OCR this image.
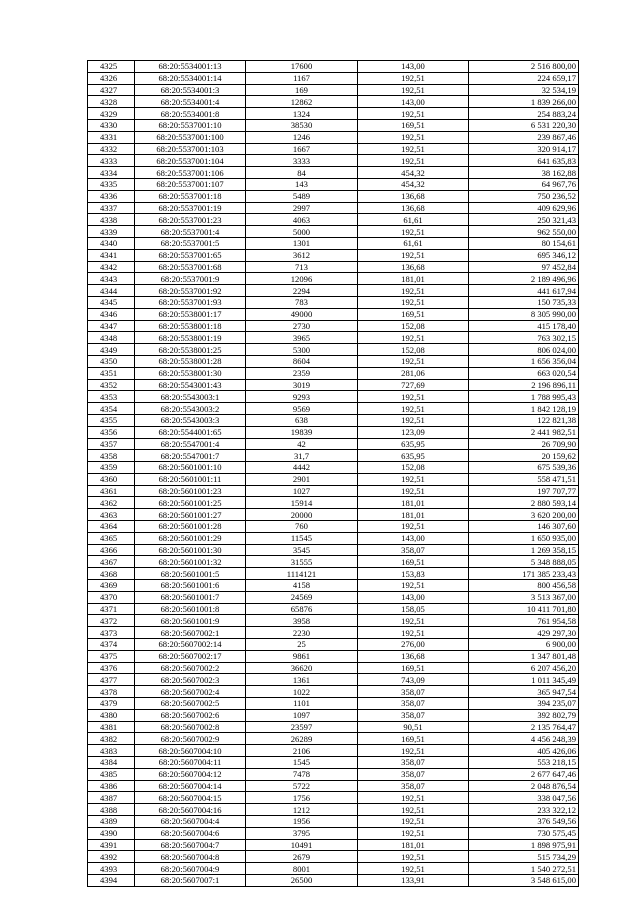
4325	68:20:5534001:13	17600	143,00	2 516 800,00
4326	68:20:5534001:14	1167	192,51	224 659,17
4327	68:20:5534001:3	169	192,51	32 534,19
4328	68:20:5534001:4	12862	143,00	1 839 266,00
4329	68:20:5534001:8	1324	192,51	254 883,24
4330	68:20:5537001:10	38530	169,51	6 531 220,30
4331	68:20:5537001:100	1246	192,51	239 867,46
4332	68:20:5537001:103	1667	192,51	320 914,17
4333	68:20:5537001:104	3333	192,51	641 635,83
4334	68:20:5537001:106	84	454,32	38 162,88
4335	68:20:5537001:107	143	454,32	64 967,76
4336	68:20:5537001:18	5489	136,68	750 236,52
4337	68:20:5537001:19	2997	136,68	409 629,96
4338	68:20:5537001:23	4063	61,61	250 321,43
4339	68:20:5537001:4	5000	192,51	962 550,00
4340	68:20:5537001:5	1301	61,61	80 154,61
4341	68:20:5537001:65	3612	192,51	695 346,12
4342	68:20:5537001:68	713	136,68	97 452,84
4343	68:20:5537001:9	12096	181,01	2 189 496,96
4344	68:20:5537001:92	2294	192,51	441 617,94
4345	68:20:5537001:93	783	192,51	150 735,33
4346	68:20:5538001:17	49000	169,51	8 305 990,00
4347	68:20:5538001:18	2730	152,08	415 178,40
4348	68:20:5538001:19	3965	192,51	763 302,15
4349	68:20:5538001:25	5300	152,08	806 024,00
4350	68:20:5538001:28	8604	192,51	1 656 356,04
4351	68:20:5538001:30	2359	281,06	663 020,54
4352	68:20:5543001:43	3019	727,69	2 196 896,11
4353	68:20:5543003:1	9293	192,51	1 788 995,43
4354	68:20:5543003:2	9569	192,51	1 842 128,19
4355	68:20:5543003:3	638	192,51	122 821,38
4356	68:20:5544001:65	19839	123,09	2 441 982,51
4357	68:20:5547001:4	42	635,95	26 709,90
4358	68:20:5547001:7	31,7	635,95	20 159,62
4359	68:20:5601001:10	4442	152,08	675 539,36
4360	68:20:5601001:11	2901	192,51	558 471,51
4361	68:20:5601001:23	1027	192,51	197 707,77
4362	68:20:5601001:25	15914	181,01	2 880 593,14
4363	68:20:5601001:27	20000	181,01	3 620 200,00
4364	68:20:5601001:28	760	192,51	146 307,60
4365	68:20:5601001:29	11545	143,00	1 650 935,00
4366	68:20:5601001:30	3545	358,07	1 269 358,15
4367	68:20:5601001:32	31555	169,51	5 348 888,05
4368	68:20:5601001:5	1114121	153,83	171 385 233,43
4369	68:20:5601001:6	4158	192,51	800 456,58
4370	68:20:5601001:7	24569	143,00	3 513 367,00
4371	68:20:5601001:8	65876	158,05	10 411 701,80
4372	68:20:5601001:9	3958	192,51	761 954,58
4373	68:20:5607002:1	2230	192,51	429 297,30
4374	68:20:5607002:14	25	276,00	6 900,00
4375	68:20:5607002:17	9861	136,68	1 347 801,48
4376	68:20:5607002:2	36620	169,51	6 207 456,20
4377	68:20:5607002:3	1361	743,09	1 011 345,49
4378	68:20:5607002:4	1022	358,07	365 947,54
4379	68:20:5607002:5	1101	358,07	394 235,07
4380	68:20:5607002:6	1097	358,07	392 802,79
4381	68:20:5607002:8	23597	90,51	2 135 764,47
4382	68:20:5607002:9	26289	169,51	4 456 248,39
4383	68:20:5607004:10	2106	192,51	405 426,06
4384	68:20:5607004:11	1545	358,07	553 218,15
4385	68:20:5607004:12	7478	358,07	2 677 647,46
4386	68:20:5607004:14	5722	358,07	2 048 876,54
4387	68:20:5607004:15	1756	192,51	338 047,56
4388	68:20:5607004:16	1212	192,51	233 322,12
4389	68:20:5607004:4	1956	192,51	376 549,56
4390	68:20:5607004:6	3795	192,51	730 575,45
4391	68:20:5607004:7	10491	181,01	1 898 975,91
4392	68:20:5607004:8	2679	192,51	515 734,29
4393	68:20:5607004:9	8001	192,51	1 540 272,51
4394	68:20:5607007:1	26500	133,91	3 548 615,00
